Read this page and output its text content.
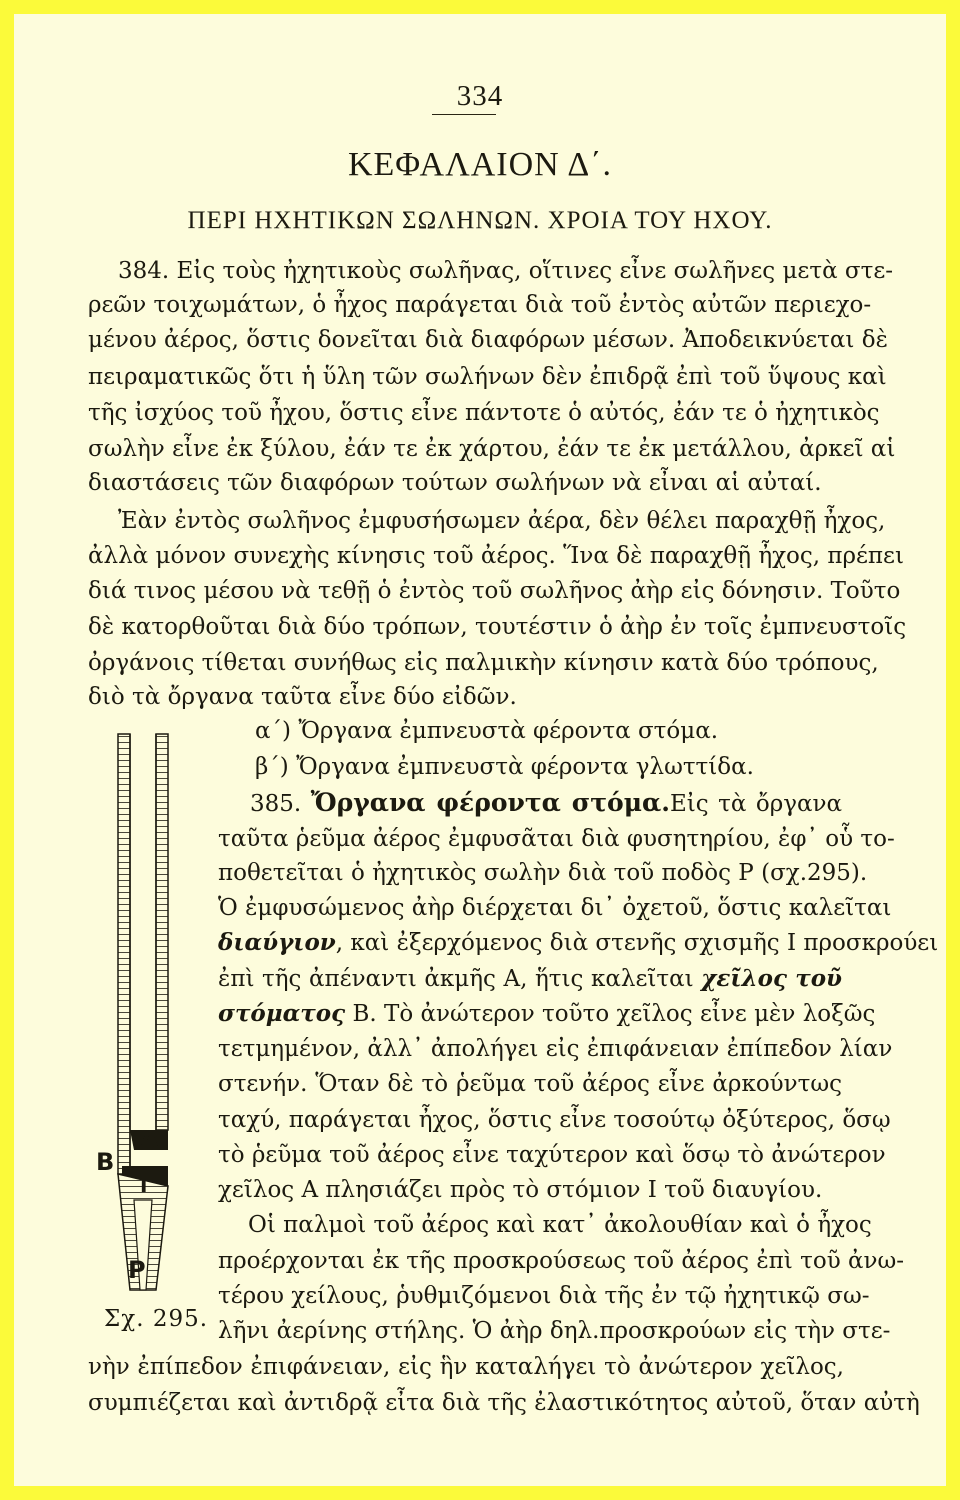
334
ΚΕΦΑΛΑΙΟΝ Δ΄.
ΠΕΡΙ ΗΧΗΤΙΚΩΝ ΣΩΛΗΝΩΝ. ΧΡΟΙΑ ΤΟΥ ΗΧΟΥ.
384. Εἰς τοὺς ἠχητικοὺς σωλῆνας, οἵτινες εἶνε σωλῆνες μετὰ στε-
ρεῶν τοιχωμάτων, ὁ ἦχος παράγεται διὰ τοῦ ἐντὸς αὐτῶν περιεχο-
μένου ἀέρος, ὅστις δονεῖται διὰ διαφόρων μέσων. Ἀποδεικνύεται δὲ
πειραματικῶς ὅτι ἡ ὕλη τῶν σωλήνων δὲν ἐπιδρᾷ ἐπὶ τοῦ ὕψους καὶ
τῆς ἰσχύος τοῦ ἦχου, ὅστις εἶνε πάντοτε ὁ αὐτός, ἐάν τε ὁ ἠχητικὸς
σωλὴν εἶνε ἐκ ξύλου, ἐάν τε ἐκ χάρτου, ἐάν τε ἐκ μετάλλου, ἀρκεῖ αἱ
διαστάσεις τῶν διαφόρων τούτων σωλήνων νὰ εἶναι αἱ αὐταί.
Ἐὰν ἐντὸς σωλῆνος ἐμφυσήσωμεν ἀέρα, δὲν θέλει παραχθῇ ἦχος,
ἀλλὰ μόνον συνεχὴς κίνησις τοῦ ἀέρος. Ἵνα δὲ παραχθῇ ἦχος, πρέπει
διά τινος μέσου νὰ τεθῇ ὁ ἐντὸς τοῦ σωλῆνος ἀὴρ εἰς δόνησιν. Τοῦτο
δὲ κατορθοῦται διὰ δύο τρόπων, τουτέστιν ὁ ἀὴρ ἐν τοῖς ἐμπνευστοῖς
ὀργάνοις τίθεται συνήθως εἰς παλμικὴν κίνησιν κατὰ δύο τρόπους,
διὸ τὰ ὄργανα ταῦτα εἶνε δύο εἰδῶν.
α΄) Ὄργανα ἐμπνευστὰ φέροντα στόμα.
β΄) Ὄργανα ἐμπνευστὰ φέροντα γλωττίδα.
385. Ὄργανα φέροντα στόμα.Εἰς τὰ ὄργανα
ταῦτα ῥεῦμα ἀέρος ἐμφυσᾶται διὰ φυσητηρίου, ἐφ᾿ οὗ το-
ποθετεῖται ὁ ἠχητικὸς σωλὴν διὰ τοῦ ποδὸς Ρ (σχ.295).
Ὁ ἐμφυσώμενος ἀὴρ διέρχεται δι᾿ ὀχετοῦ, ὅστις καλεῖται
διαύγιον, καὶ ἐξερχόμενος διὰ στενῆς σχισμῆς Ι προσκρούει
ἐπὶ τῆς ἀπέναντι ἀκμῆς Α, ἥτις καλεῖται χεῖλος τοῦ
στόματος Β. Τὸ ἀνώτερον τοῦτο χεῖλος εἶνε μὲν λοξῶς
τετμημένον, ἀλλ᾿ ἀπολήγει εἰς ἐπιφάνειαν ἐπίπεδον λίαν
στενήν. Ὅταν δὲ τὸ ῥεῦμα τοῦ ἀέρος εἶνε ἀρκούντως
ταχύ, παράγεται ἦχος, ὅστις εἶνε τοσούτῳ ὀξύτερος, ὅσῳ
τὸ ῥεῦμα τοῦ ἀέρος εἶνε ταχύτερον καὶ ὅσῳ τὸ ἀνώτερον
χεῖλος Α πλησιάζει πρὸς τὸ στόμιον Ι τοῦ διαυγίου.
Οἱ παλμοὶ τοῦ ἀέρος καὶ κατ᾿ ἀκολουθίαν καὶ ὁ ἦχος
προέρχονται ἐκ τῆς προσκρούσεως τοῦ ἀέρος ἐπὶ τοῦ ἀνω-
τέρου χείλους, ῥυθμιζόμενοι διὰ τῆς ἐν τῷ ἠχητικῷ σω-
λῆνι ἀερίνης στήλης. Ὁ ἀὴρ δηλ.προσκρούων εἰς τὴν στε-
νὴν ἐπίπεδον ἐπιφάνειαν, εἰς ἣν καταλήγει τὸ ἀνώτερον χεῖλος,
συμπιέζεται καὶ ἀντιδρᾷ εἶτα διὰ τῆς ἐλαστικότητος αὐτοῦ, ὅταν αὐτὴ
A
B
I
P
Σχ. 295.
